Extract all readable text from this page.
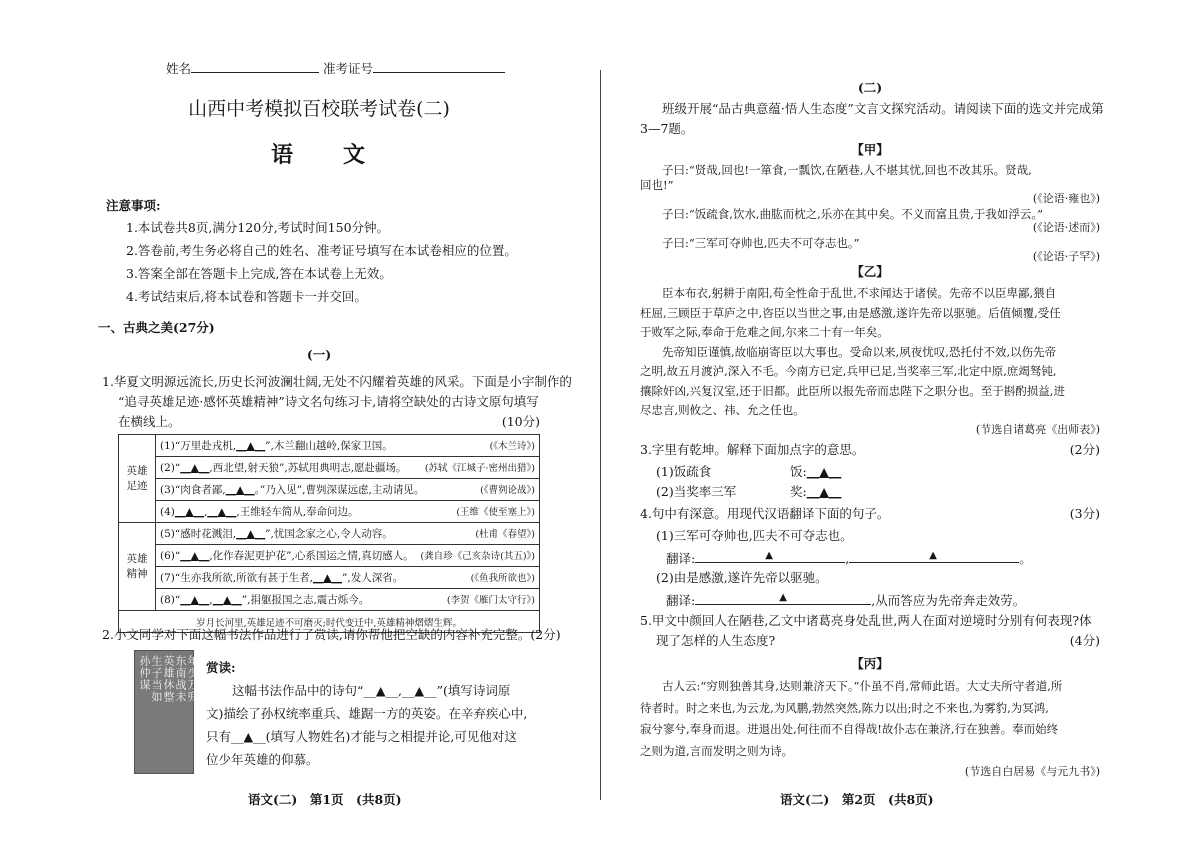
姓名	准考证号
山西中考模拟百校联考试卷(二)
语　　文
注意事项:
1.本试卷共8页,满分120分,考试时间150分钟。
2.答卷前,考生务必将自己的姓名、准考证号填写在本试卷相应的位置。
3.答案全部在答题卡上完成,答在本试卷上无效。
4.考试结束后,将本试卷和答题卡一并交回。
一、古典之美(27分)
(一)
1.华夏文明源远流长,历史长河波澜壮阔,无处不闪耀着英雄的风采。下面是小宇制作的
“追寻英雄足迹·感怀英雄精神”诗文名句练习卡,请将空缺处的古诗文原句填写
在横线上。	(10分)
英雄
足迹	(1)“万里赴戎机,__▲__”,木兰翻山越岭,保家卫国。 (《木兰诗》)

	(2)“__▲__,西北望,射天狼”,苏轼用典明志,愿赴疆场。 (苏轼《江城子·密州出猎》)

	(3)“肉食者鄙,__▲__。”乃入见”,曹刿深谋远虑,主动请见。 (《曹刿论战》)

	(4)__▲__,__▲__,王维轻车简从,奉命问边。 (王维《使至塞上》)

英雄
精神	(5)“感时花溅泪,__▲__”,忧国念家之心,令人动容。 (杜甫《春望》)

	(6)“__▲__,化作春泥更护花”,心系国运之情,真切感人。 (龚自珍《己亥杂诗(其五)》)

	(7)“生亦我所欲,所欲有甚于生者,__▲__”,发人深省。 (《鱼我所欲也》)

	(8)“__▲__,__▲__”,捐躯报国之志,震古烁今。 (李贺《雁门太守行》)

岁月长河里,英雄足迹不可磨灭;时代变迁中,英雄精神熠熠生辉。	
2.小文同学对下面这幅书法作品进行了赏读,请你帮他把空缺的内容补充完整。(2分)
年少万兜
东南战未
英雄休整
生子当如
孙仲谋	赏读:
这幅书法作品中的诗句“__▲__,__▲__”(填写诗词原
文)描绘了孙权统率重兵、雄踞一方的英姿。在辛弃疾心中,
只有__▲__(填写人物姓名)才能与之相提并论,可见他对这
位少年英雄的仰慕。
语文(二)　第1页　(共8页)
(二)
班级开展“品古典意蕴·悟人生态度”文言文探究活动。请阅读下面的选文并完成第
3—7题。
【甲】
子曰:“贤哉,回也!一箪食,一瓢饮,在陋巷,人不堪其忧,回也不改其乐。贤哉,
回也!”
(《论语·雍也》)
子曰:“饭疏食,饮水,曲肱而枕之,乐亦在其中矣。不义而富且贵,于我如浮云。”
(《论语·述而》)
子曰:“三军可夺帅也,匹夫不可夺志也。”
(《论语·子罕》)
【乙】
臣本布衣,躬耕于南阳,苟全性命于乱世,不求闻达于诸侯。先帝不以臣卑鄙,猥自
枉屈,三顾臣于草庐之中,咨臣以当世之事,由是感激,遂许先帝以驱驰。后值倾覆,受任
于败军之际,奉命于危难之间,尔来二十有一年矣。
先帝知臣谨慎,故临崩寄臣以大事也。受命以来,夙夜忧叹,恐托付不效,以伤先帝
之明,故五月渡泸,深入不毛。今南方已定,兵甲已足,当奖率三军,北定中原,庶竭驽钝,
攘除奸凶,兴复汉室,还于旧都。此臣所以报先帝而忠陛下之职分也。至于斟酌损益,进
尽忠言,则攸之、祎、允之任也。
(节选自诸葛亮《出师表》)
3.字里有乾坤。解释下面加点字的意思。	(2分)
(1)饭疏食	饭:__▲__
(2)当奖率三军	奖:__▲__
4.句中有深意。用现代汉语翻译下面的句子。	(3分)
(1)三军可夺帅也,匹夫不可夺志也。
翻译:	▲	,	▲	。
(2)由是感激,遂许先帝以驱驰。
翻译:	▲	,从而答应为先帝奔走效劳。
5.甲文中颜回人在陋巷,乙文中诸葛亮身处乱世,两人在面对逆境时分别有何表现?体
现了怎样的人生态度?	(4分)
【丙】
古人云:“穷则独善其身,达则兼济天下。”仆虽不肖,常师此语。大丈夫所守者道,所
待者时。时之来也,为云龙,为风鹏,勃然突然,陈力以出;时之不来也,为雾豹,为冥鸿,
寂兮寥兮,奉身而退。进退出处,何往而不自得哉!故仆志在兼济,行在独善。奉而始终
之则为道,言而发明之则为诗。
(节选自白居易《与元九书》)
语文(二)　第2页　(共8页)
